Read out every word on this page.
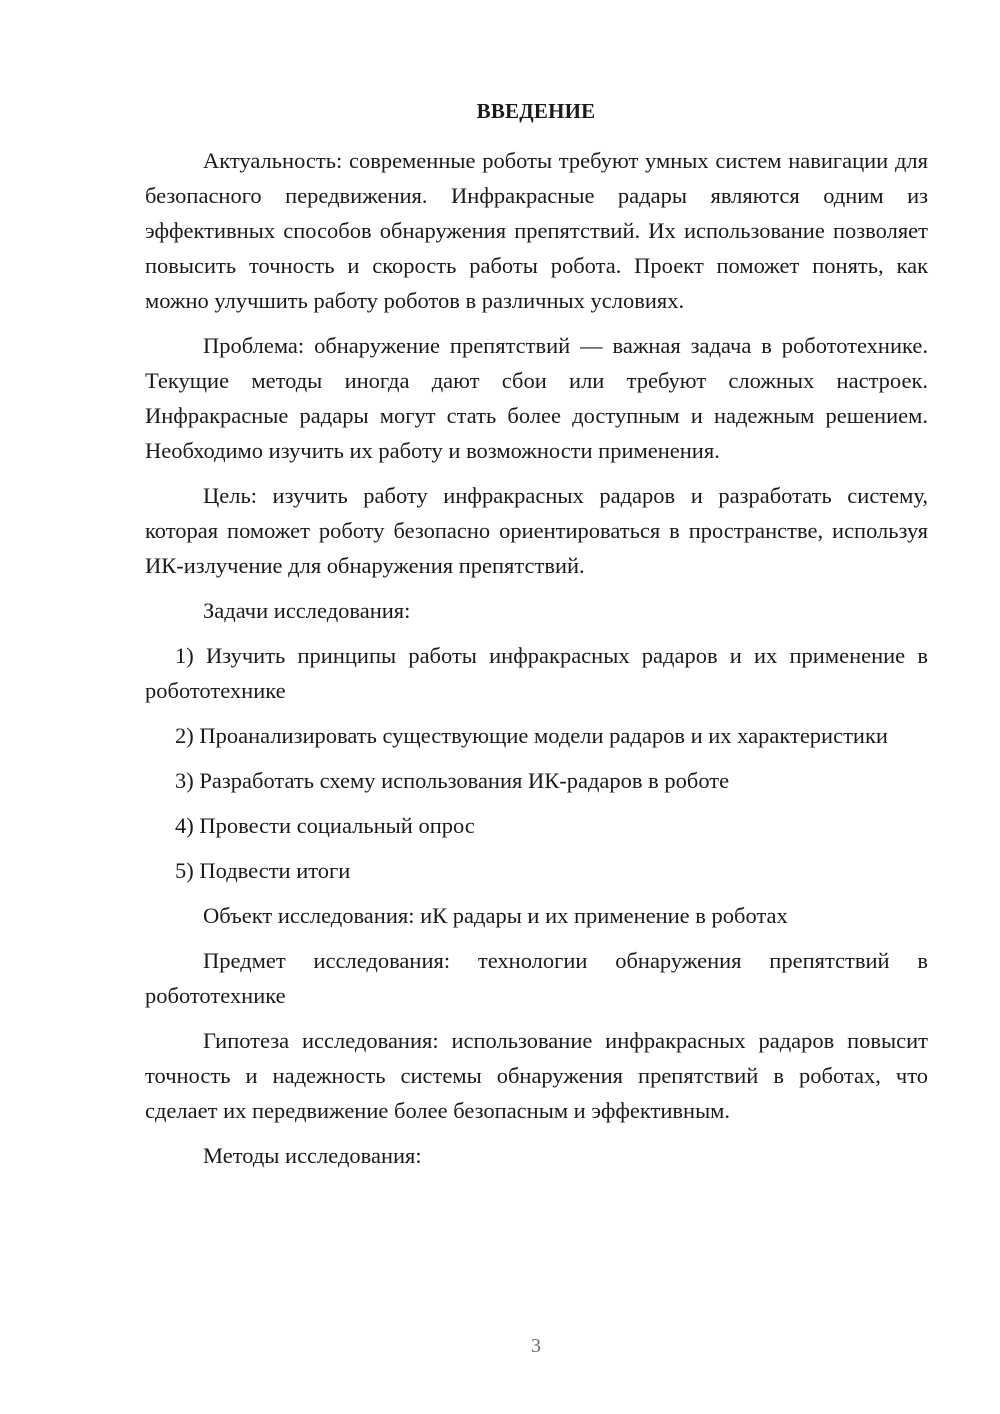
ВВЕДЕНИЕ

Актуальность: современные роботы требуют умных систем навигации для безопасного передвижения. Инфракрасные радары являются одним из эффективных способов обнаружения препятствий. Их использование позволяет повысить точность и скорость работы робота. Проект поможет понять, как можно улучшить работу роботов в различных условиях.

Проблема: обнаружение препятствий — важная задача в робототехнике. Текущие методы иногда дают сбои или требуют сложных настроек. Инфракрасные радары могут стать более доступным и надежным решением. Необходимо изучить их работу и возможности применения.

Цель: изучить работу инфракрасных радаров и разработать систему, которая поможет роботу безопасно ориентироваться в пространстве, используя ИК-излучение для обнаружения препятствий.

Задачи исследования:

1) Изучить принципы работы инфракрасных радаров и их применение в робототехнике

2) Проанализировать существующие модели радаров и их характеристики

3) Разработать схему использования ИК-радаров в роботе

4) Провести социальный опрос

5) Подвести итоги

Объект исследования: иК радары и их применение в роботах

Предмет исследования: технологии обнаружения препятствий в робототехнике

Гипотеза исследования: использование инфракрасных радаров повысит точность и надежность системы обнаружения препятствий в роботах, что сделает их передвижение более безопасным и эффективным.

Методы исследования:

3
